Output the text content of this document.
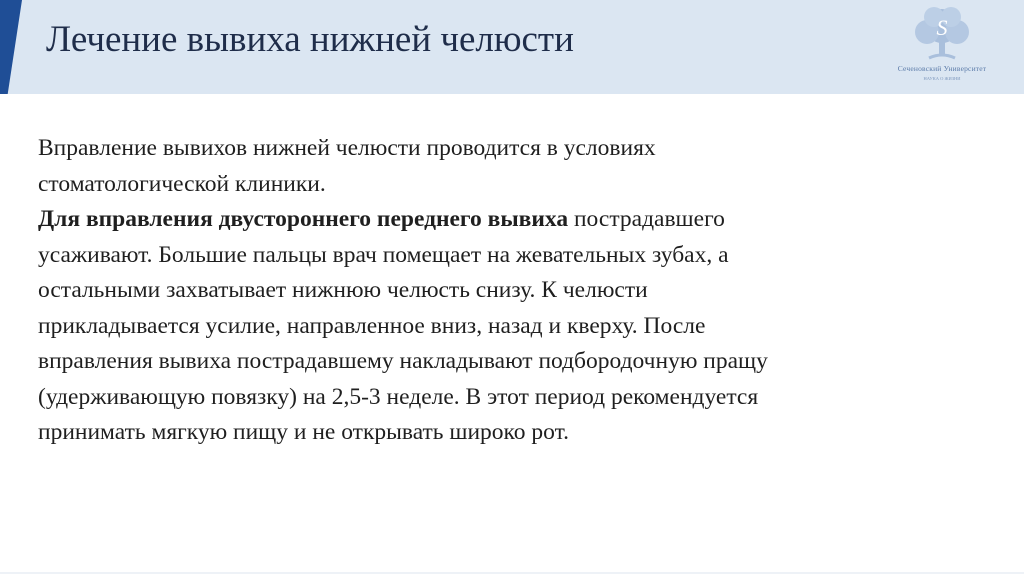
Лечение вывиха нижней челюсти	S
Сеченовский Университет
НАУКА О ЖИЗНИ
Вправление вывихов нижней челюсти проводится в условиях
стоматологической клиники.
Для вправления двустороннего переднего вывиха пострадавшего
усаживают. Большие пальцы врач помещает на жевательных зубах, а
остальными захватывает нижнюю челюсть снизу. К челюсти
прикладывается усилие, направленное вниз, назад и кверху. После
вправления вывиха пострадавшему накладывают подбородочную пращу
(удерживающую повязку) на 2,5-3 неделе. В этот период рекомендуется
принимать мягкую пищу и не открывать широко рот.
